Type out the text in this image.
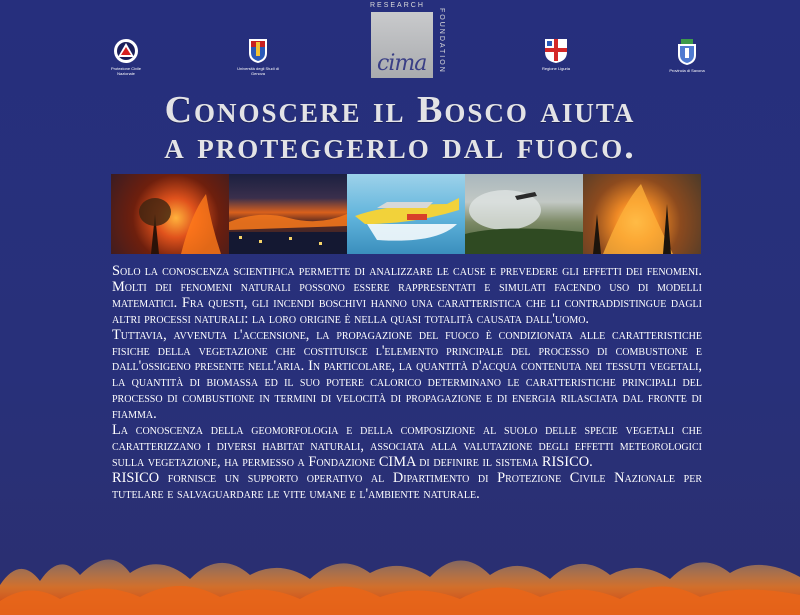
Protezione Civile Nazionale
Università degli Studi di Genova
RESEARCH
cima FOUNDATION	Regione Liguria	Provincia di Savona
Conoscere il Bosco aiuta
a proteggerlo dal fuoco.

Solo la conoscenza scientifica permette di analizzare le cause e prevedere gli effetti dei fenomeni. Molti dei fenomeni naturali possono essere rappresentati e simulati facendo uso di modelli matematici. Fra questi, gli incendi boschivi hanno una caratteristica che li contraddistingue dagli altri processi naturali: la loro origine è nella quasi totalità causata dall'uomo.

Tuttavia, avvenuta l'accensione, la propagazione del fuoco è condizionata alle caratteristiche fisiche della vegetazione che costituisce l'elemento principale del processo di combustione e dall'ossigeno presente nell'aria. In particolare, la quantità d'acqua contenuta nei tessuti vegetali, la quantità di biomassa ed il suo potere calorico determinano le caratteristiche principali del processo di combustione in termini di velocità di propagazione e di energia rilasciata dal fronte di fiamma.

La conoscenza della geomorfologia e della composizione al suolo delle specie vegetali che caratterizzano i diversi habitat naturali, associata alla valutazione degli effetti meteorologici sulla vegetazione, ha permesso a Fondazione CIMA di definire il sistema RISICO.

RISICO fornisce un supporto operativo al Dipartimento di Protezione Civile Nazionale per tutelare e salvaguardare le vite umane e l'ambiente naturale.
